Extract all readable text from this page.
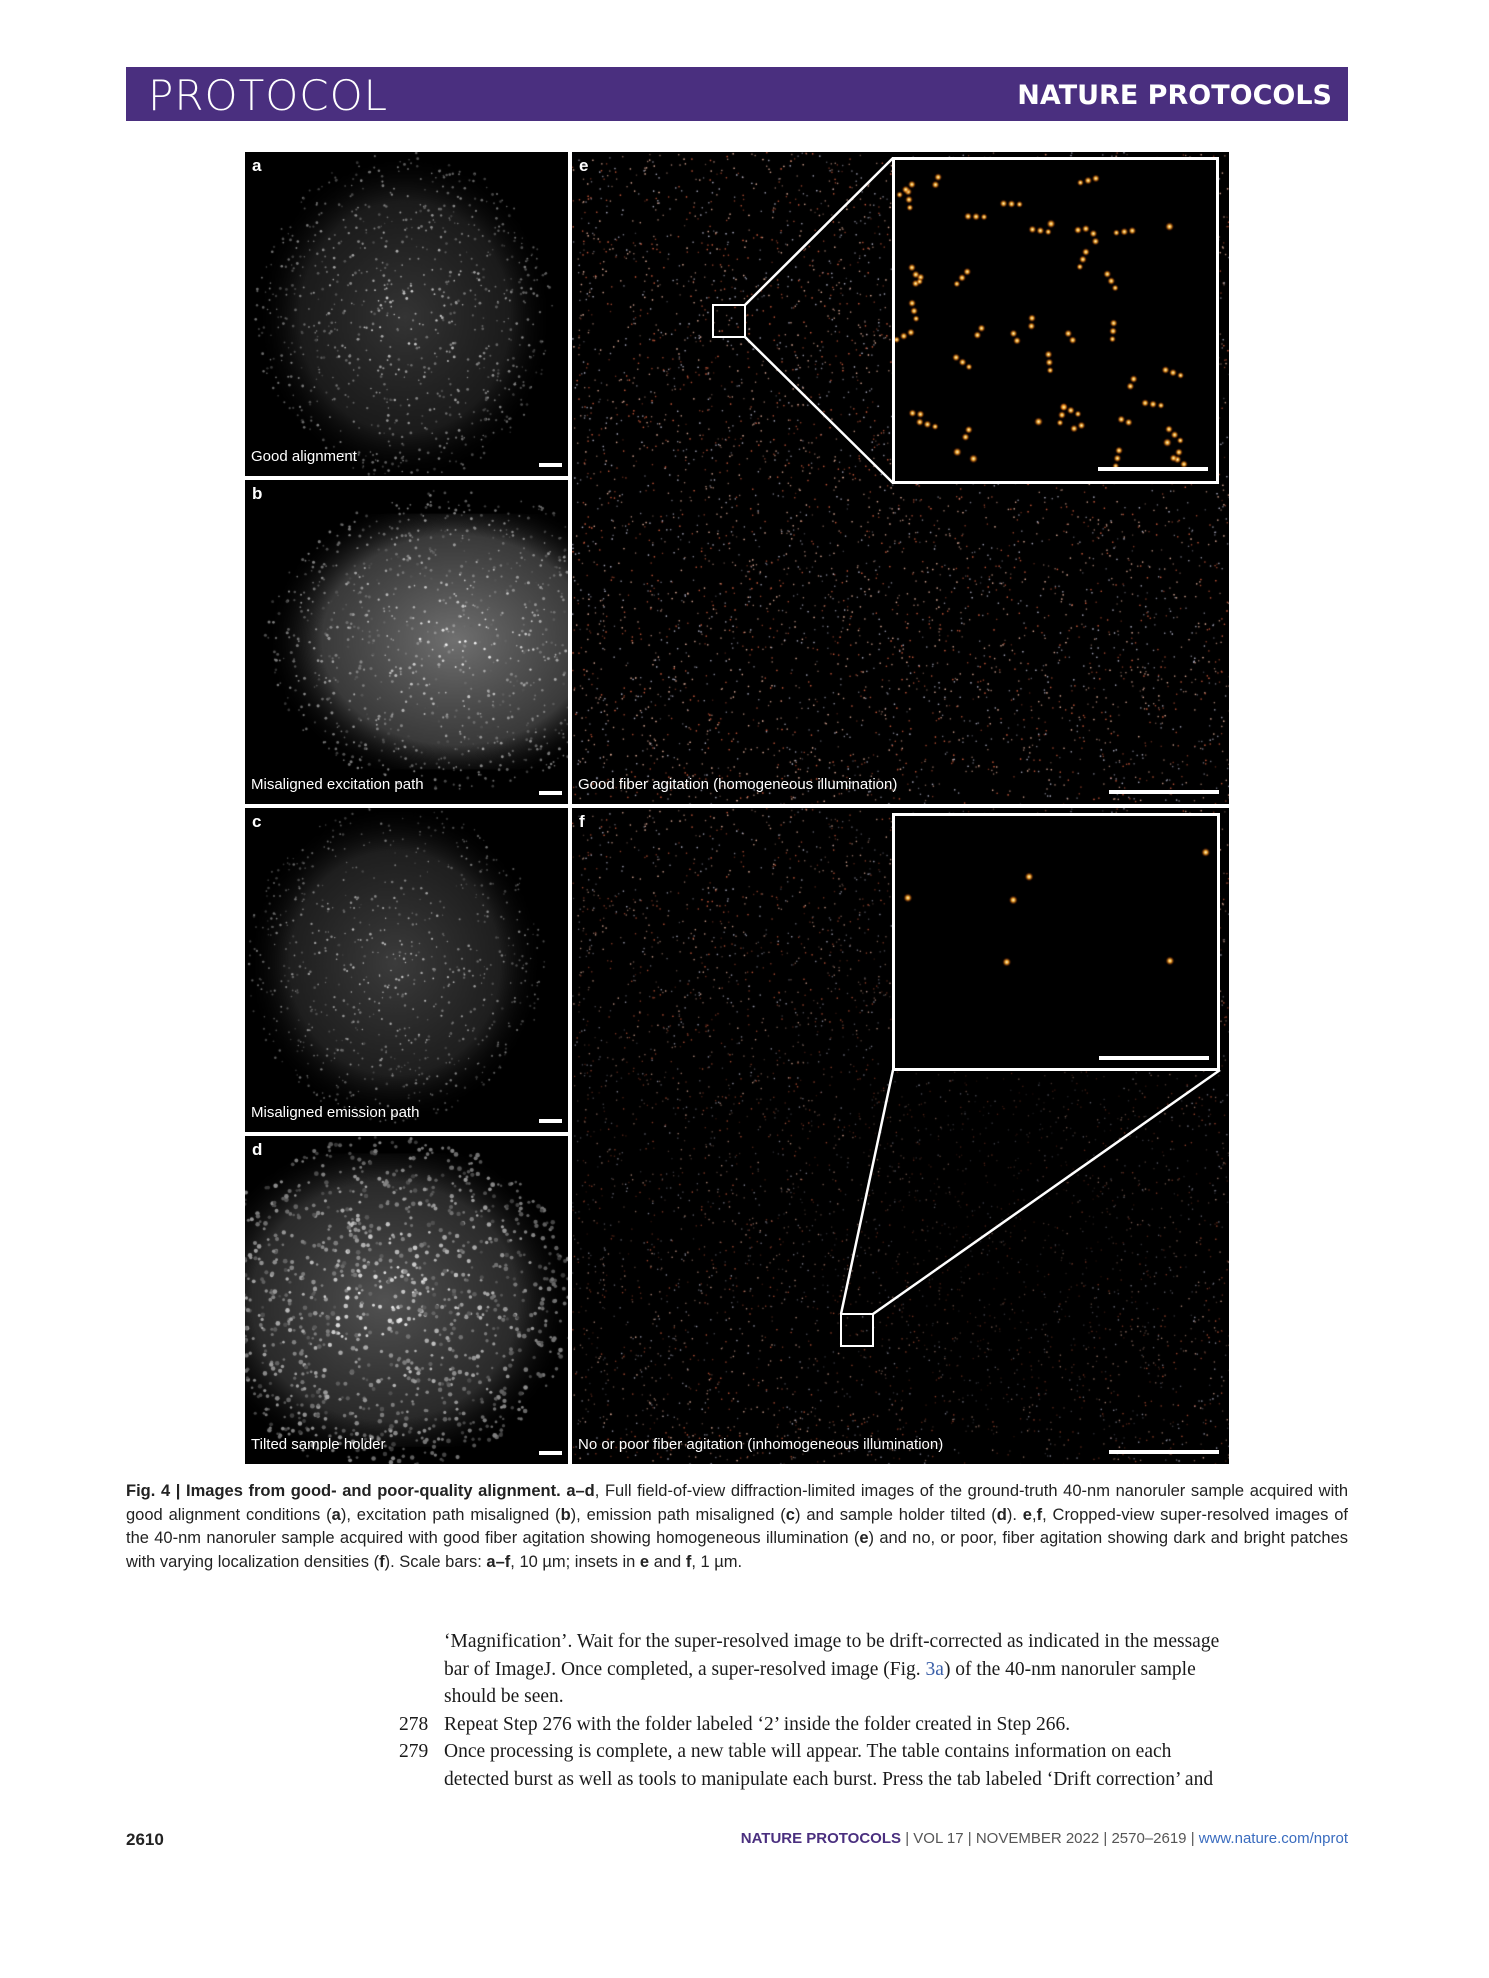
PROTOCOL	NATURE PROTOCOLS
a
Good alignment
b
Misaligned excitation path
c
Misaligned emission path
d
Tilted sample holder
e
Good fiber agitation (homogeneous illumination)
f
No or poor fiber agitation (inhomogeneous illumination)
Fig. 4 | Images from good- and poor-quality alignment. a–d, Full field-of-view diffraction-limited images of the ground-truth 40-nm nanoruler sample acquired with good alignment conditions (a), excitation path misaligned (b), emission path misaligned (c) and sample holder tilted (d). e,f, Cropped-view super-resolved images of the 40-nm nanoruler sample acquired with good fiber agitation showing homogeneous illumination (e) and no, or poor, fiber agitation showing dark and bright patches with varying localization densities (f). Scale bars: a–f, 10 µm; insets in e and f, 1 µm.
‘Magnification’. Wait for the super-resolved image to be drift-corrected as indicated in the message
bar of ImageJ. Once completed, a super-resolved image (Fig. 3a) of the 40-nm nanoruler sample
should be seen.
278 Repeat Step 276 with the folder labeled ‘2’ inside the folder created in Step 266.
279 Once processing is complete, a new table will appear. The table contains information on each
detected burst as well as tools to manipulate each burst. Press the tab labeled ‘Drift correction’ and
2610	NATURE PROTOCOLS | VOL 17 | NOVEMBER 2022 | 2570–2619 | www.nature.com/nprot
